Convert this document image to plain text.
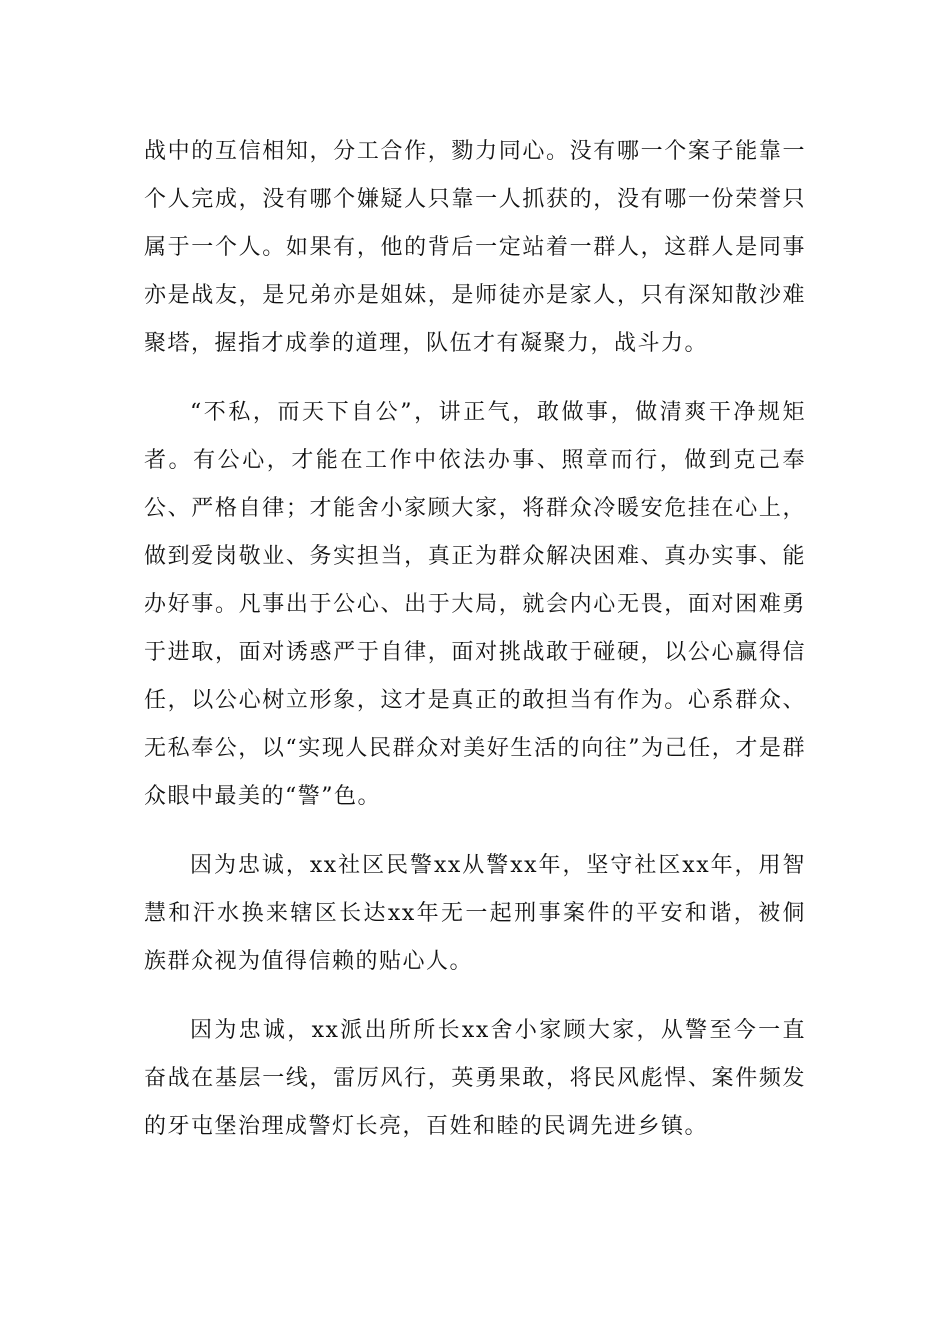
战中的互信相知，分工合作，勠力同心。没有哪一个案子能靠一个人完成，没有哪个嫌疑人只靠一人抓获的，没有哪一份荣誉只属于一个人。如果有，他的背后一定站着一群人，这群人是同事亦是战友，是兄弟亦是姐妹，是师徒亦是家人，只有深知散沙难聚塔，握指才成拳的道理，队伍才有凝聚力，战斗力。

“不私，而天下自公”，讲正气，敢做事，做清爽干净规矩者。有公心，才能在工作中依法办事、照章而行，做到克己奉公、严格自律；才能舍小家顾大家，将群众冷暖安危挂在心上，做到爱岗敬业、务实担当，真正为群众解决困难、真办实事、能办好事。凡事出于公心、出于大局，就会内心无畏，面对困难勇于进取，面对诱惑严于自律，面对挑战敢于碰硬，以公心赢得信任，以公心树立形象，这才是真正的敢担当有作为。心系群众、无私奉公，以“实现人民群众对美好生活的向往”为己任，才是群众眼中最美的“警”色。

因为忠诚，xx社区民警xx从警xx年，坚守社区xx年，用智慧和汗水换来辖区长达xx年无一起刑事案件的平安和谐，被侗族群众视为值得信赖的贴心人。

因为忠诚，xx派出所所长xx舍小家顾大家，从警至今一直奋战在基层一线，雷厉风行，英勇果敢，将民风彪悍、案件频发的牙屯堡治理成警灯长亮，百姓和睦的民调先进乡镇。
